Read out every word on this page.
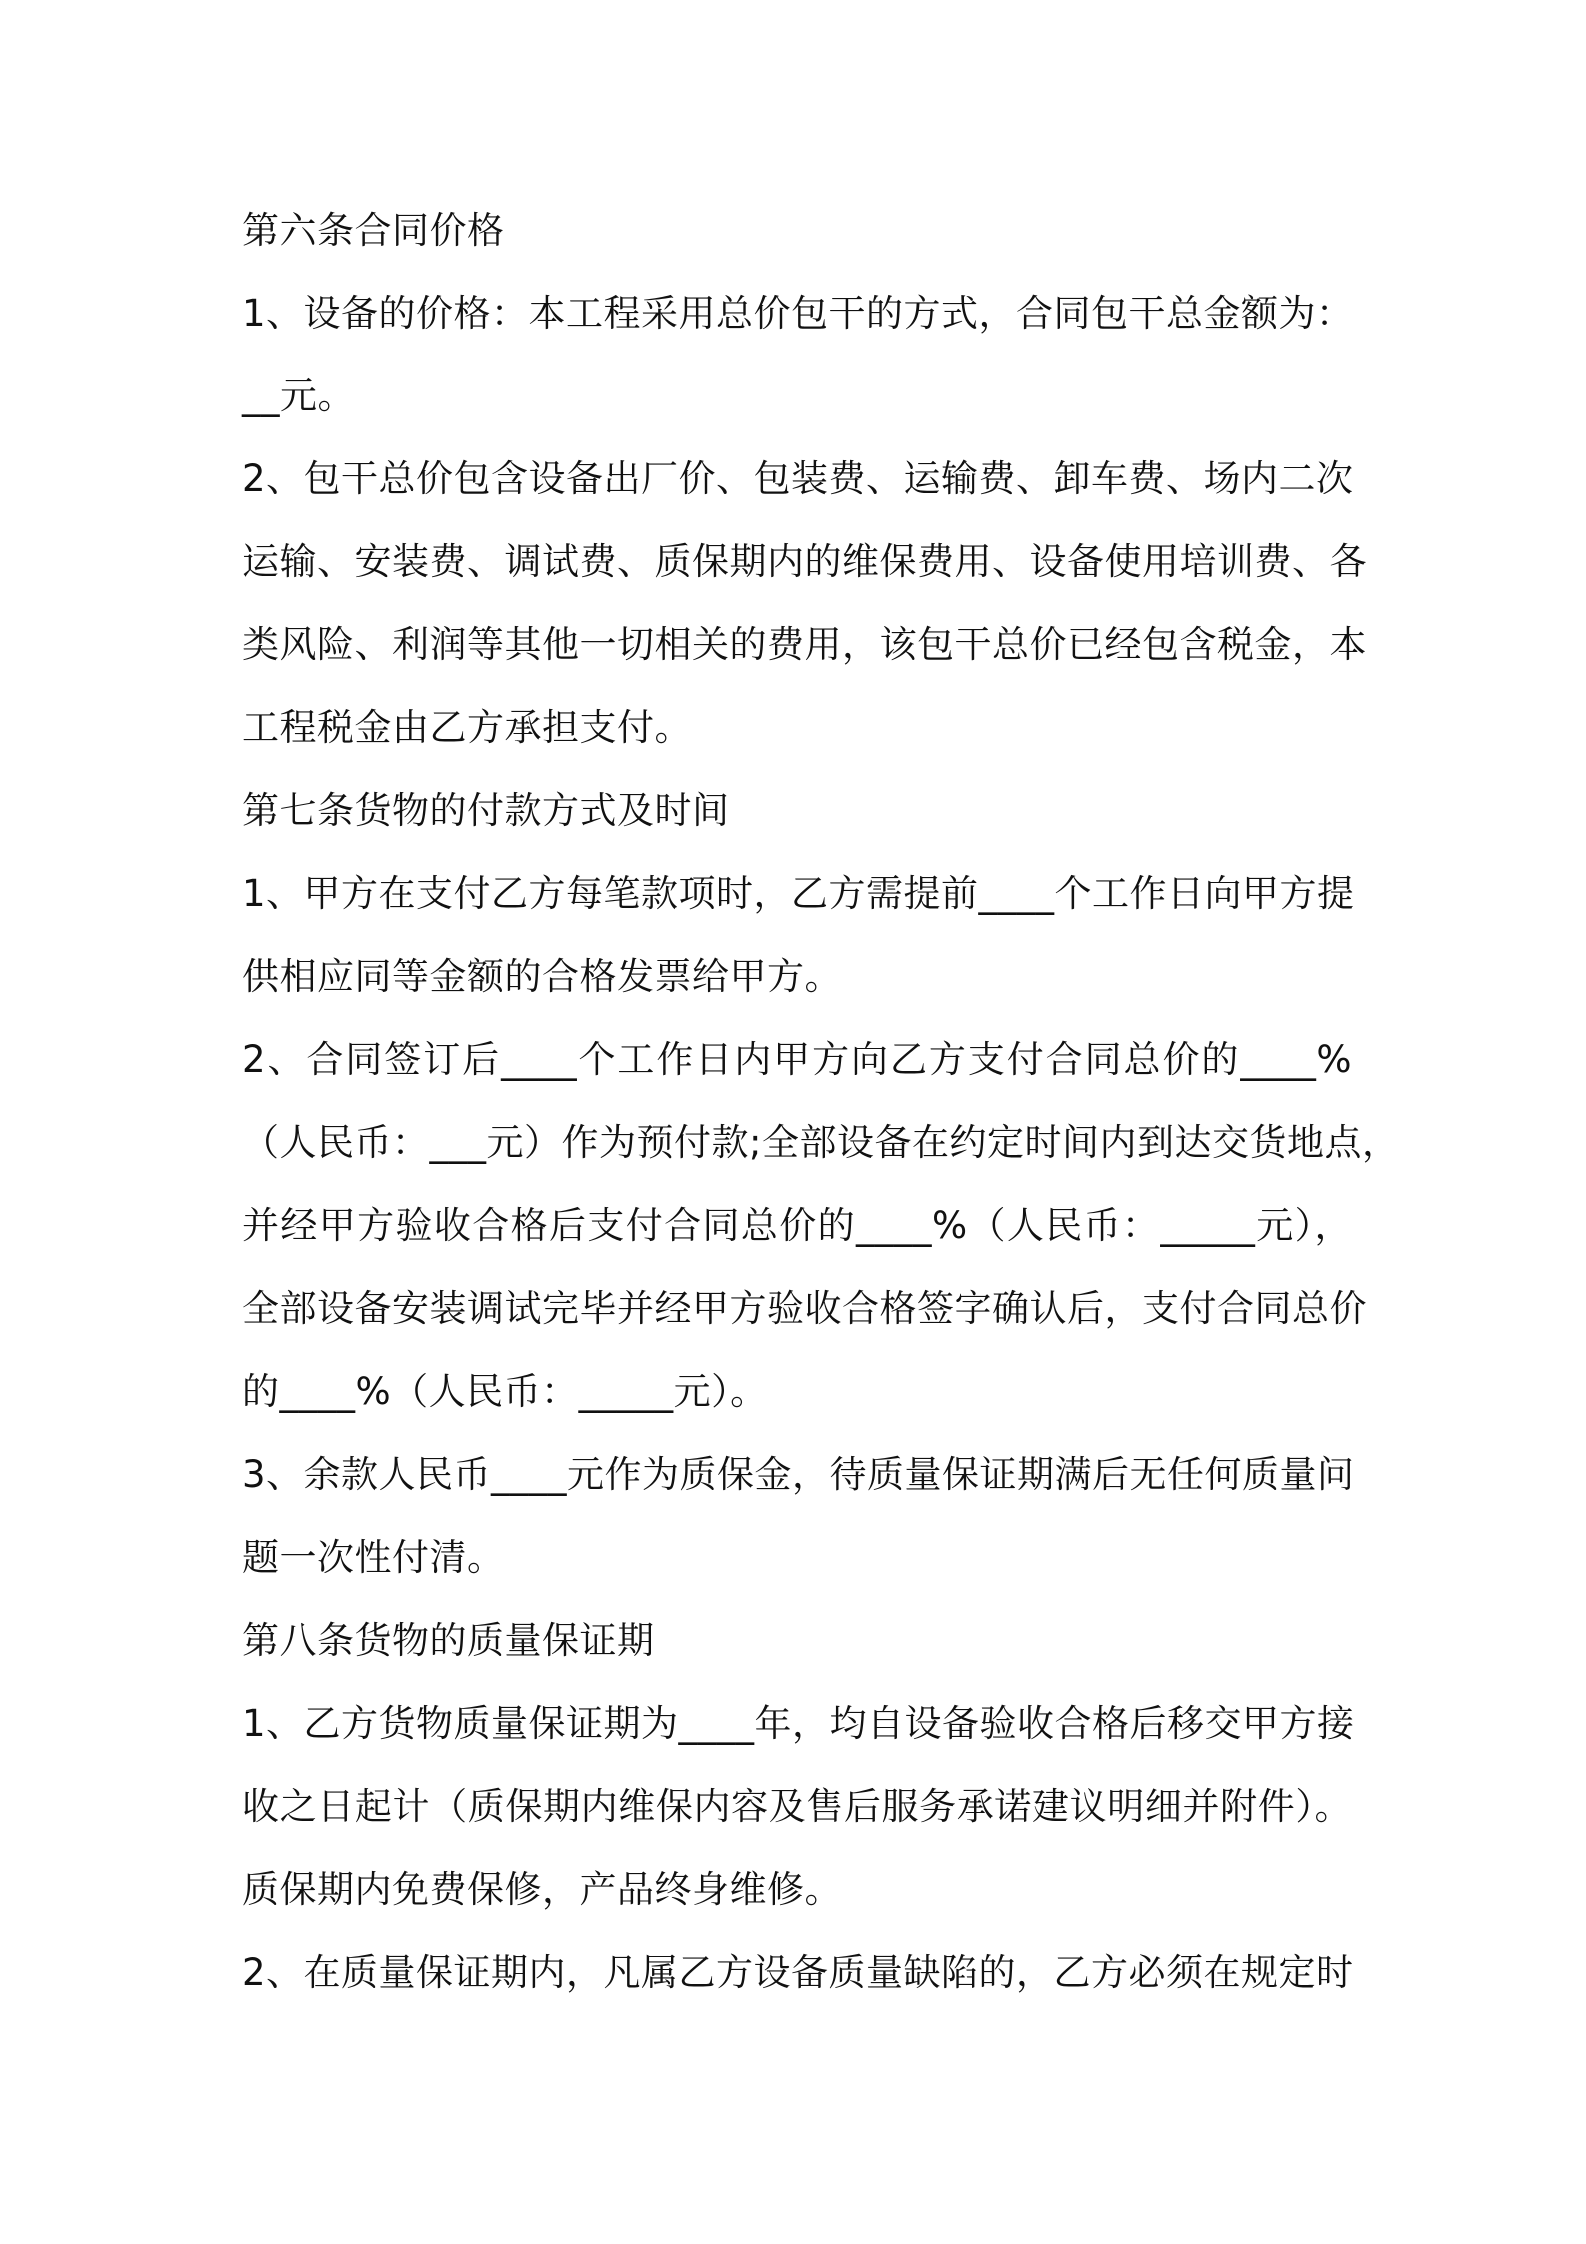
第六条合同价格
1、设备的价格：本工程采用总价包干的方式，合同包干总金额为：
__元。
2、包干总价包含设备出厂价、包装费、运输费、卸车费、场内二次
运输、安装费、调试费、质保期内的维保费用、设备使用培训费、各
类风险、利润等其他一切相关的费用，该包干总价已经包含税金，本
工程税金由乙方承担支付。
第七条货物的付款方式及时间
1、甲方在支付乙方每笔款项时，乙方需提前____个工作日向甲方提
供相应同等金额的合格发票给甲方。
2、合同签订后____个工作日内甲方向乙方支付合同总价的____%
（人民币：___元）作为预付款;全部设备在约定时间内到达交货地点，
并经甲方验收合格后支付合同总价的____%（人民币：_____元），
全部设备安装调试完毕并经甲方验收合格签字确认后，支付合同总价
的____%（人民币：_____元）。
3、余款人民币____元作为质保金，待质量保证期满后无任何质量问
题一次性付清。
第八条货物的质量保证期
1、乙方货物质量保证期为____年，均自设备验收合格后移交甲方接
收之日起计（质保期内维保内容及售后服务承诺建议明细并附件）。
质保期内免费保修，产品终身维修。
2、在质量保证期内，凡属乙方设备质量缺陷的，乙方必须在规定时
